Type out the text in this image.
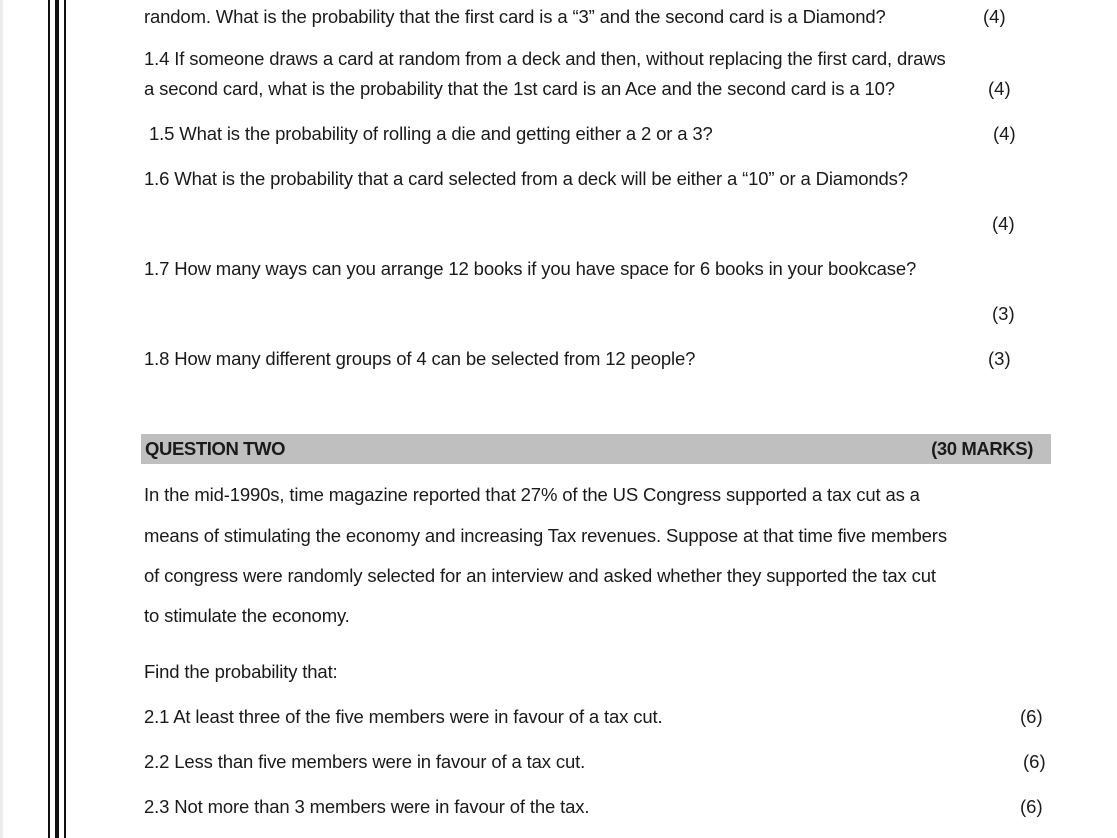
random. What is the probability that the first card is a “3” and the second card is a Diamond?	(4)
1.4 If someone draws a card at random from a deck and then, without replacing the first card, draws
a second card, what is the probability that the 1st card is an Ace and the second card is a 10?	(4)
1.5 What is the probability of rolling a die and getting either a 2 or a 3?	(4)
1.6 What is the probability that a card selected from a deck will be either a “10” or a Diamonds?
(4)
1.7 How many ways can you arrange 12 books if you have space for 6 books in your bookcase?
(3)
1.8 How many different groups of 4 can be selected from 12 people?	(3)
QUESTION TWO	(30 MARKS)
In the mid-1990s, time magazine reported that 27% of the US Congress supported a tax cut as a
means of stimulating the economy and increasing Tax revenues. Suppose at that time five members
of congress were randomly selected for an interview and asked whether they supported the tax cut
to stimulate the economy.
Find the probability that:
2.1 At least three of the five members were in favour of a tax cut.	(6)
2.2 Less than five members were in favour of a tax cut.	(6)
2.3 Not more than 3 members were in favour of the tax.	(6)
